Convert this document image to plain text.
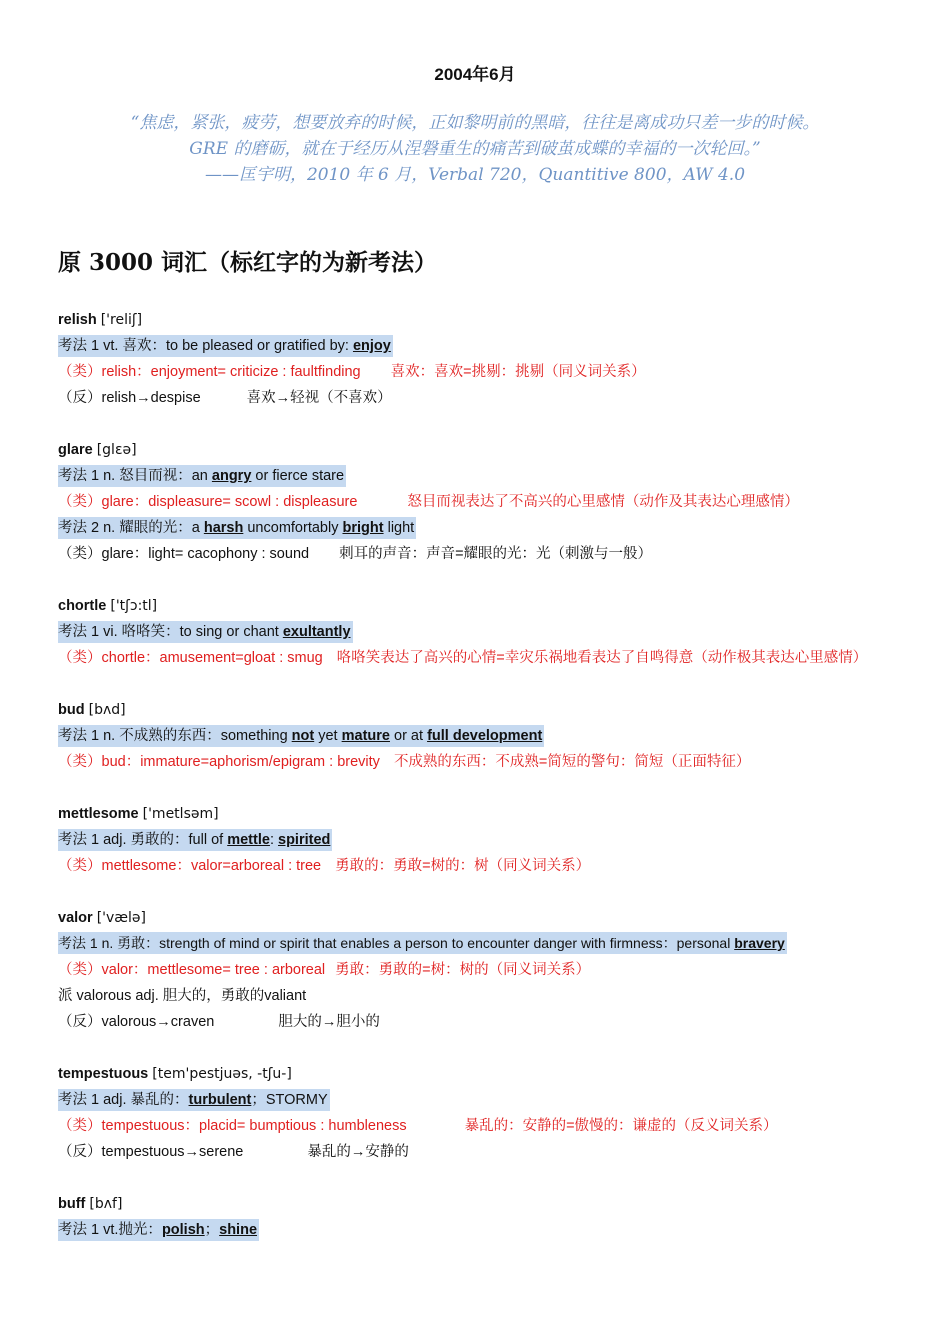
2004年6月
“焦虑，紧张，疲劳，想要放弃的时候，正如黎明前的黑暗，往往是离成功只差一步的时候。
GRE 的磨砺，就在于经历从涅磐重生的痛苦到破茧成蝶的幸福的一次轮回。”
——匡宇明，2010 年 6 月，Verbal 720，Quantitive 800，AW 4.0
原 3000 词汇（标红字的为新考法）
relish ['reliʃ]
考法 1 vt. 喜欢：to be pleased or gratified by: enjoy
（类）relish：enjoyment= criticize : faultfinding 喜欢：喜欢=挑剔：挑剔（同义词关系）
（反）relish→despise	喜欢→轻视（不喜欢）
glare [glɛə]
考法 1 n. 怒目而视：an angry or fierce stare
（类）glare：displeasure= scowl : displeasure	怒目而视表达了不高兴的心里感情（动作及其表达心理感情）
考法 2 n. 耀眼的光：a harsh uncomfortably bright light
（类）glare：light= cacophony : sound 刺耳的声音：声音=耀眼的光：光（刺激与一般）
chortle ['tʃɔ:tl]
考法 1 vi. 咯咯笑：to sing or chant exultantly
（类）chortle：amusement=gloat : smug 咯咯笑表达了高兴的心情=幸灾乐祸地看表达了自鸣得意（动作极其表达心里感情）
bud [bʌd]
考法 1 n. 不成熟的东西：something not yet mature or at full development
（类）bud：immature=aphorism/epigram : brevity 不成熟的东西：不成熟=简短的警句：简短（正面特征）
mettlesome ['metlsəm]
考法 1 adj. 勇敢的：full of mettle: spirited
（类）mettlesome：valor=arboreal : tree 勇敢的：勇敢=树的：树（同义词关系）
valor ['vælə]
考法 1 n. 勇敢：strength of mind or spirit that enables a person to encounter danger with firmness：personal bravery
（类）valor：mettlesome= tree : arboreal 勇敢：勇敢的=树：树的（同义词关系）
派 valorous adj. 胆大的，勇敢的valiant
（反）valorous→craven	胆大的→胆小的
tempestuous [tem'pestjuəs, -tʃu-]
考法 1 adj. 暴乱的：turbulent；STORMY
（类）tempestuous：placid= bumptious : humbleness	暴乱的：安静的=傲慢的：谦虚的（反义词关系）
（反）tempestuous→serene	暴乱的→安静的
buff [bʌf]
考法 1 vt.抛光：polish；shine
